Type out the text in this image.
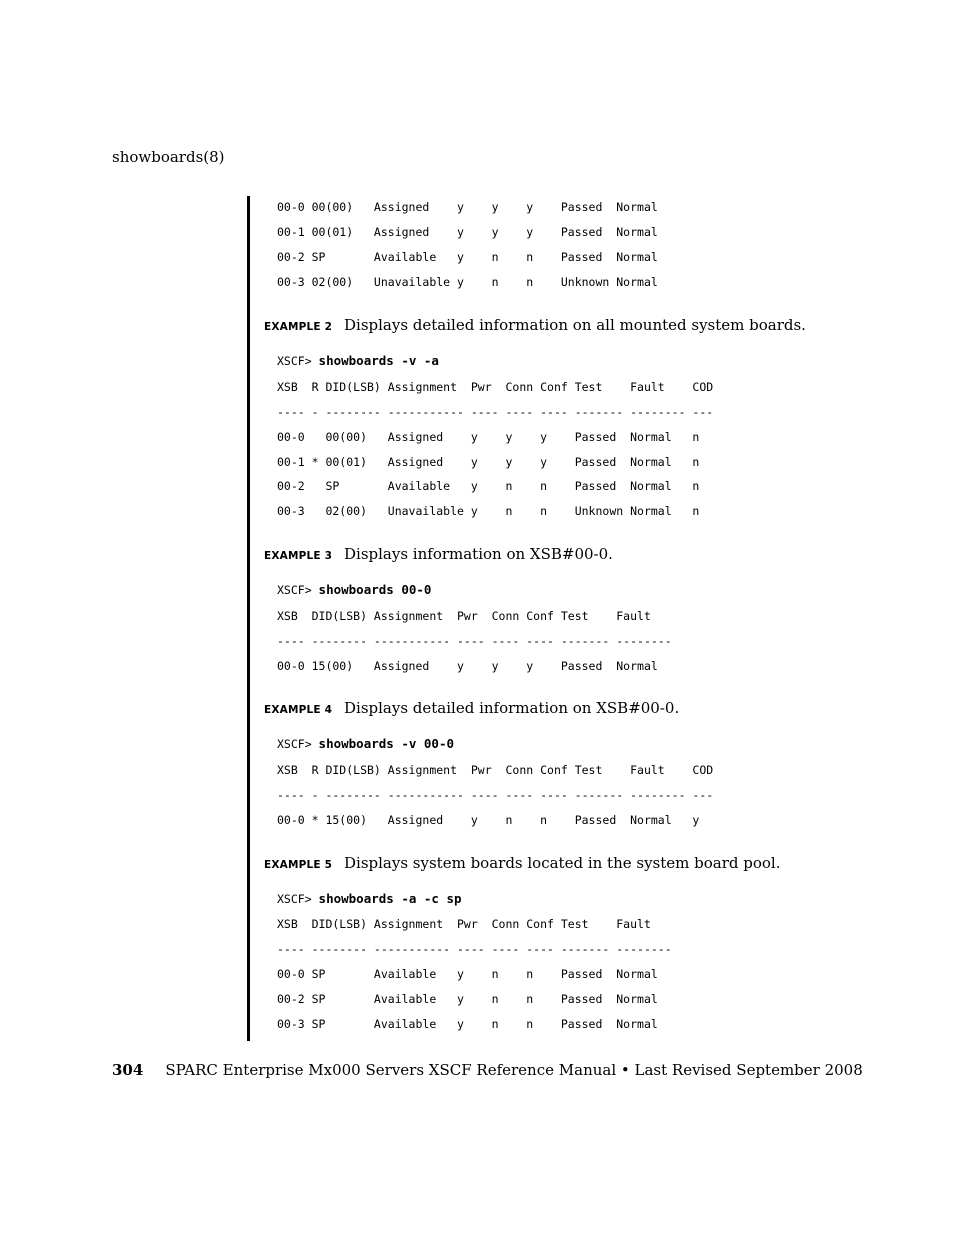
showboards(8)
00-0 00(00)   Assigned    y    y    y    Passed  Normal
00-1 00(01)   Assigned    y    y    y    Passed  Normal
00-2 SP       Available   y    n    n    Passed  Normal
00-3 02(00)   Unavailable y    n    n    Unknown Normal
EXAMPLE 2 Displays detailed information on all mounted system boards.
XSCF> showboards -v -a
XSB  R DID(LSB) Assignment  Pwr  Conn Conf Test    Fault    COD
---- - -------- ----------- ---- ---- ---- ------- -------- ---
00-0   00(00)   Assigned    y    y    y    Passed  Normal   n
00-1 * 00(01)   Assigned    y    y    y    Passed  Normal   n
00-2   SP       Available   y    n    n    Passed  Normal   n
00-3   02(00)   Unavailable y    n    n    Unknown Normal   n
EXAMPLE 3 Displays information on XSB#00-0.
XSCF> showboards 00-0
XSB  DID(LSB) Assignment  Pwr  Conn Conf Test    Fault
---- -------- ----------- ---- ---- ---- ------- --------
00-0 15(00)   Assigned    y    y    y    Passed  Normal
EXAMPLE 4 Displays detailed information on XSB#00-0.
XSCF> showboards -v 00-0
XSB  R DID(LSB) Assignment  Pwr  Conn Conf Test    Fault    COD
---- - -------- ----------- ---- ---- ---- ------- -------- ---
00-0 * 15(00)   Assigned    y    n    n    Passed  Normal   y
EXAMPLE 5 Displays system boards located in the system board pool.
XSCF> showboards -a -c sp
XSB  DID(LSB) Assignment  Pwr  Conn Conf Test    Fault
---- -------- ----------- ---- ---- ---- ------- --------
00-0 SP       Available   y    n    n    Passed  Normal
00-2 SP       Available   y    n    n    Passed  Normal
00-3 SP       Available   y    n    n    Passed  Normal
304 SPARC Enterprise Mx000 Servers XSCF Reference Manual • Last Revised September 2008
